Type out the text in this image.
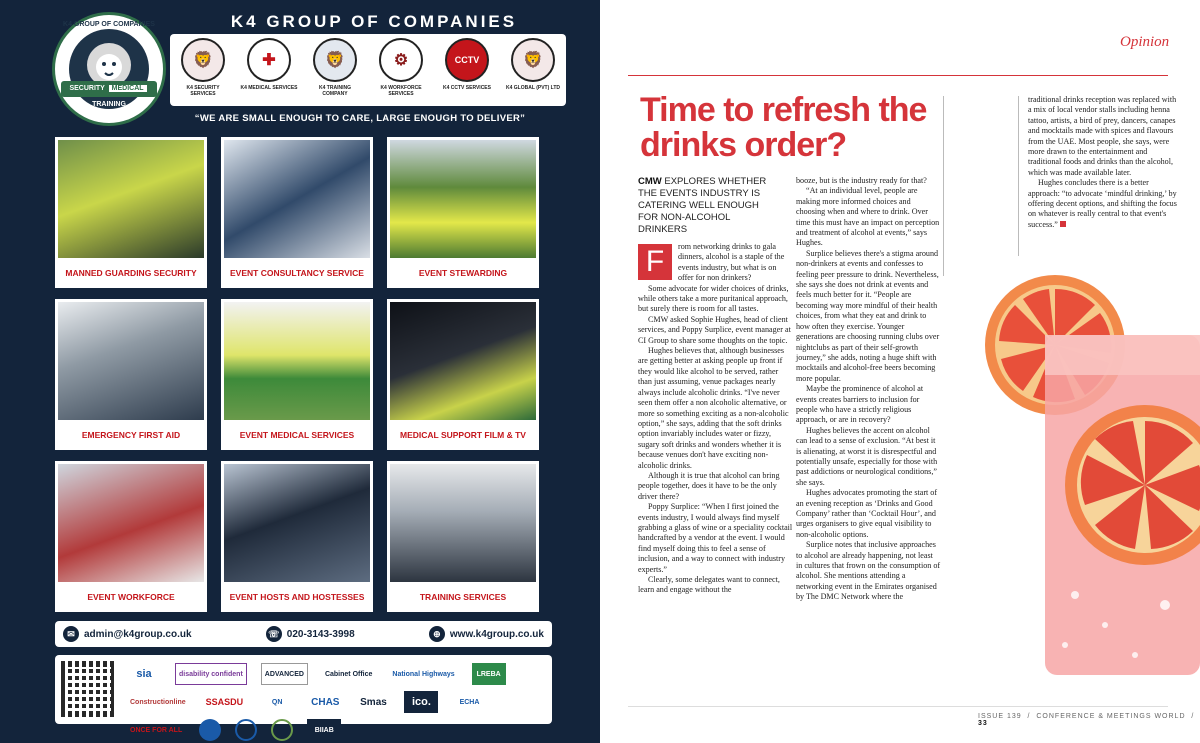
K4 GROUP OF COMPANIES
SECURITY MEDICAL TRAINING
K4 GROUP OF COMPANIES
🦁
K4 SECURITY SERVICES
✚
K4 MEDICAL SERVICES
🦁
K4 TRAINING COMPANY
⚙
K4 WORKFORCE SERVICES
CCTV
K4 CCTV SERVICES
🦁
K4 GLOBAL (PVT) LTD
“WE ARE SMALL ENOUGH TO CARE, LARGE ENOUGH TO DELIVER”
MANNED GUARDING SECURITY	EVENT CONSULTANCY SERVICE	EVENT STEWARDING
EMERGENCY FIRST AID	EVENT MEDICAL SERVICES	MEDICAL SUPPORT FILM & TV
EVENT WORKFORCE	EVENT HOSTS AND HOSTESSES	TRAINING SERVICES
✉ admin@k4group.co.uk	☏ 020-3143-3998	⊕ www.k4group.co.uk
sia	disability confident	ADVANCED	Cabinet Office	National Highways	LREBA
Constructionline	SSASDU	QN	CHAS	Smas	ico.	ECHA
ONCE FOR ALL	BIIAB
Opinion
Time to refresh the drinks order?
CMW EXPLORES WHETHER THE EVENTS INDUSTRY IS CATERING WELL ENOUGH FOR NON-ALCOHOL DRINKERS
F	rom networking drinks to gala dinners, alcohol is a staple of the events industry, but what is on offer for non drinkers?

Some advocate for wider choices of drinks, while others take a more puritanical approach, but surely there is room for all tastes.

CMW asked Sophie Hughes, head of client services, and Poppy Surplice, event manager at CI Group to share some thoughts on the topic.

Hughes believes that, although businesses are getting better at asking people up front if they would like alcohol to be served, rather than just assuming, venue packages nearly always include alcoholic drinks. “I've never seen them offer a non alcoholic alternative, or more so something exciting as a non-alcoholic option,” she says, adding that the soft drinks option invariably includes water or fizzy, sugary soft drinks and wonders whether it is because venues don't have exciting non-alcoholic drinks.

Although it is true that alcohol can bring people together, does it have to be the only driver there?

Poppy Surplice: “When I first joined the events industry, I would always find myself grabbing a glass of wine or a speciality cocktail handcrafted by a vendor at the event. I would find myself doing this to feel a sense of inclusion, and a way to connect with industry experts.”

Clearly, some delegates want to connect, learn and engage without the

booze, but is the industry ready for that?

“At an individual level, people are making more informed choices and choosing when and where to drink. Over time this must have an impact on perception and treatment of alcohol at events,” says Hughes.

Surplice believes there's a stigma around non-drinkers at events and confesses to feeling peer pressure to drink. Nevertheless, she says she does not drink at events and feels much better for it. “People are becoming way more mindful of their health choices, from what they eat and drink to how often they exercise. Younger generations are choosing running clubs over nightclubs as part of their self-growth journey,” she adds, noting a huge shift with mocktails and alcohol-free beers becoming more popular.

Maybe the prominence of alcohol at events creates barriers to inclusion for people who have a strictly religious approach, or are in recovery?

Hughes believes the accent on alcohol can lead to a sense of exclusion. “At best it is alienating, at worst it is disrespectful and potentially unsafe, especially for those with past addictions or neurological conditions,” she says.

Hughes advocates promoting the start of an evening reception as ‘Drinks and Good Company’ rather than ‘Cocktail Hour’, and urges organisers to give equal visibility to non-alcoholic options.

Surplice notes that inclusive approaches to alcohol are already happening, not least in cultures that frown on the consumption of alcohol. She mentions attending a networking event in the Emirates organised by The DMC Network where the

traditional drinks reception was replaced with a mix of local vendor stalls including henna tattoo, artists, a bird of prey, dancers, canapes and mocktails made with spices and flavours from the UAE. Most people, she says, were more drawn to the entertainment and traditional foods and drinks than the alcohol, which was made available later.

Hughes concludes there is a better approach: “to advocate ‘mindful drinking,’ by offering decent options, and shifting the focus on whatever is really central to that event's success.”

ISSUE 139  /  CONFERENCE & MEETINGS WORLD  /  33
